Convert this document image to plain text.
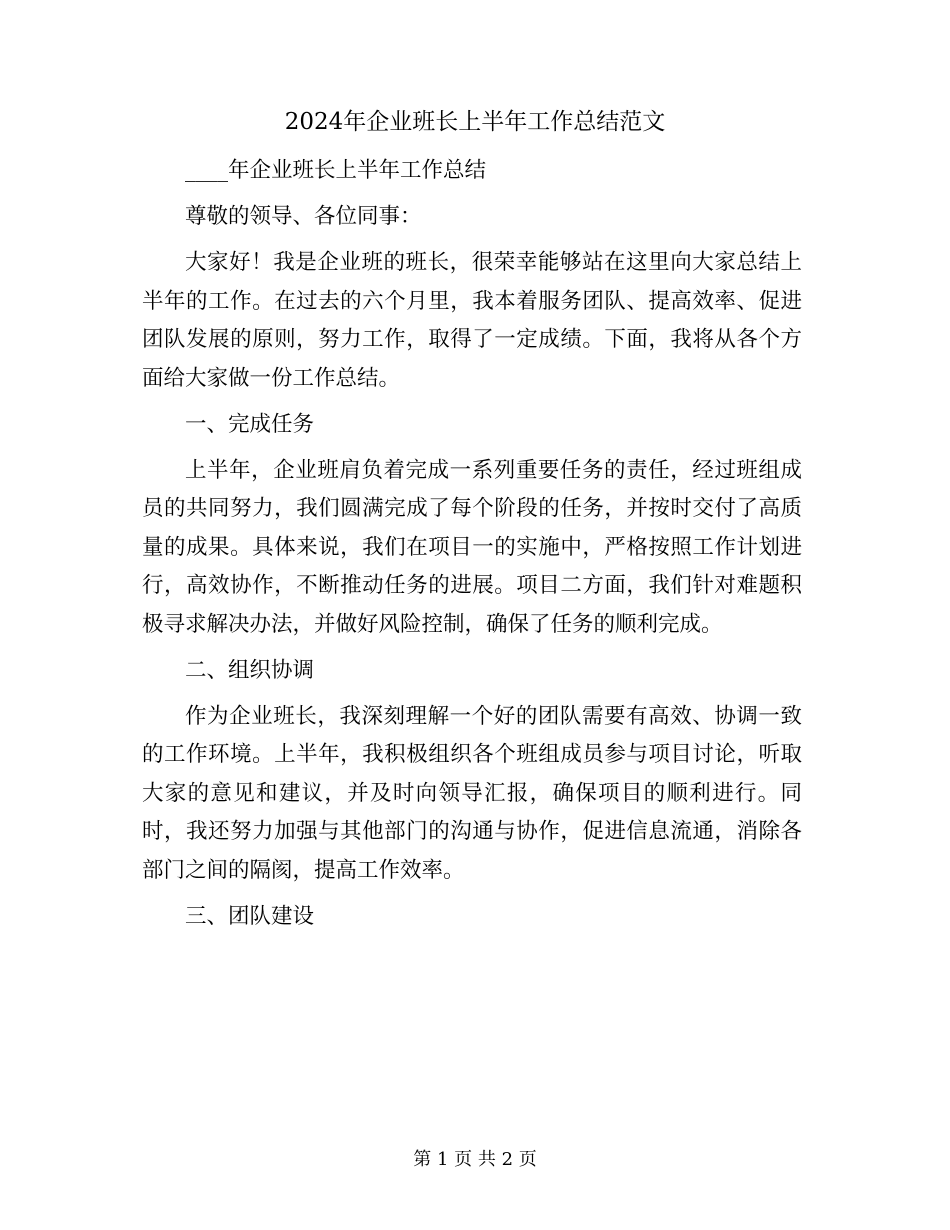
2024年企业班长上半年工作总结范文

____年企业班长上半年工作总结

尊敬的领导、各位同事：

大家好！我是企业班的班长，很荣幸能够站在这里向大家总结上半年的工作。在过去的六个月里，我本着服务团队、提高效率、促进团队发展的原则，努力工作，取得了一定成绩。下面，我将从各个方面给大家做一份工作总结。

一、完成任务

上半年，企业班肩负着完成一系列重要任务的责任，经过班组成员的共同努力，我们圆满完成了每个阶段的任务，并按时交付了高质量的成果。具体来说，我们在项目一的实施中，严格按照工作计划进行，高效协作，不断推动任务的进展。项目二方面，我们针对难题积极寻求解决办法，并做好风险控制，确保了任务的顺利完成。

二、组织协调

作为企业班长，我深刻理解一个好的团队需要有高效、协调一致的工作环境。上半年，我积极组织各个班组成员参与项目讨论，听取大家的意见和建议，并及时向领导汇报，确保项目的顺利进行。同时，我还努力加强与其他部门的沟通与协作，促进信息流通，消除各部门之间的隔阂，提高工作效率。

三、团队建设

第 1 页 共 2 页
